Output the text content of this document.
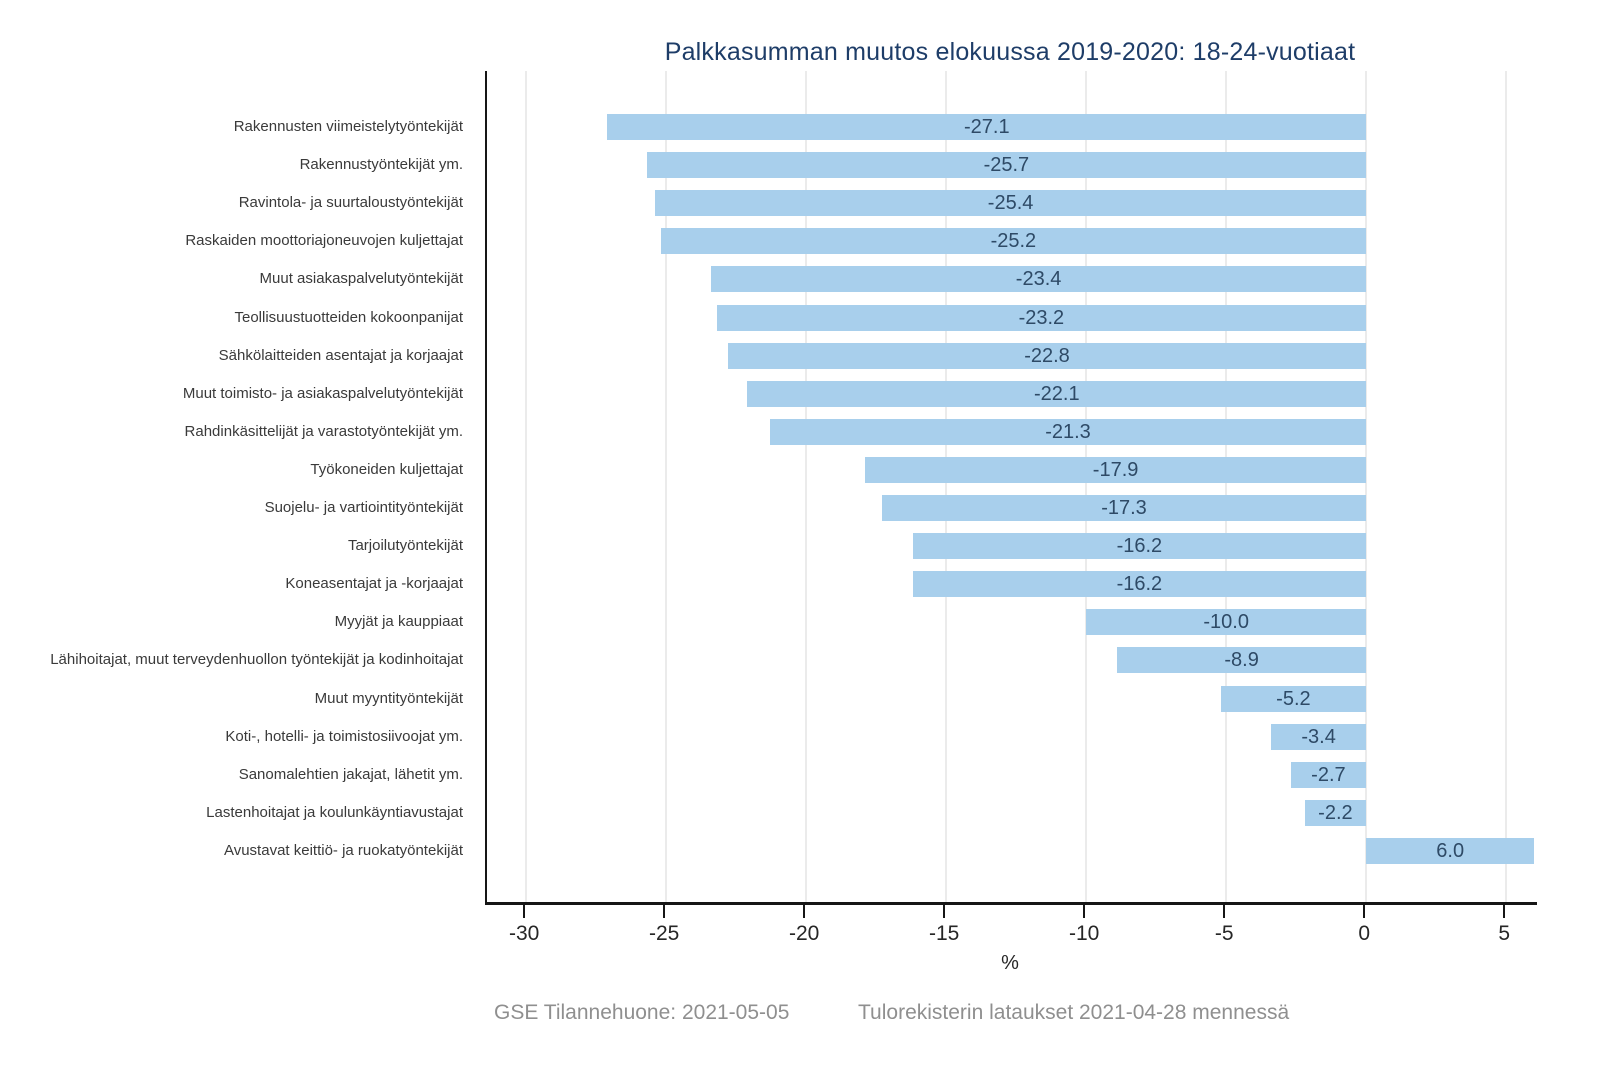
Palkkasumman muutos elokuussa 2019-2020: 18-24-vuotiaat
-27.1
-25.7
-25.4
-25.2
-23.4
-23.2
-22.8
-22.1
-21.3
-17.9
-17.3
-16.2
-16.2
-10.0
-8.9
-5.2
-3.4
-2.7
-2.2
6.0
Rakennusten viimeistelytyöntekijät
Rakennustyöntekijät ym.
Ravintola- ja suurtaloustyöntekijät
Raskaiden moottoriajoneuvojen kuljettajat
Muut asiakaspalvelutyöntekijät
Teollisuustuotteiden kokoonpanijat
Sähkölaitteiden asentajat ja korjaajat
Muut toimisto- ja asiakaspalvelutyöntekijät
Rahdinkäsittelijät ja varastotyöntekijät ym.
Työkoneiden kuljettajat
Suojelu- ja vartiointityöntekijät
Tarjoilutyöntekijät
Koneasentajat ja -korjaajat
Myyjät ja kauppiaat
Lähihoitajat, muut terveydenhuollon työntekijät ja kodinhoitajat
Muut myyntityöntekijät
Koti-, hotelli- ja toimistosiivoojat ym.
Sanomalehtien jakajat, lähetit ym.
Lastenhoitajat ja koulunkäyntiavustajat
Avustavat keittiö- ja ruokatyöntekijät
-30	-25	-20	-15	-10	-5	0	5
%
GSE Tilannehuone: 2021-05-05	Tulorekisterin lataukset 2021-04-28 mennessä
